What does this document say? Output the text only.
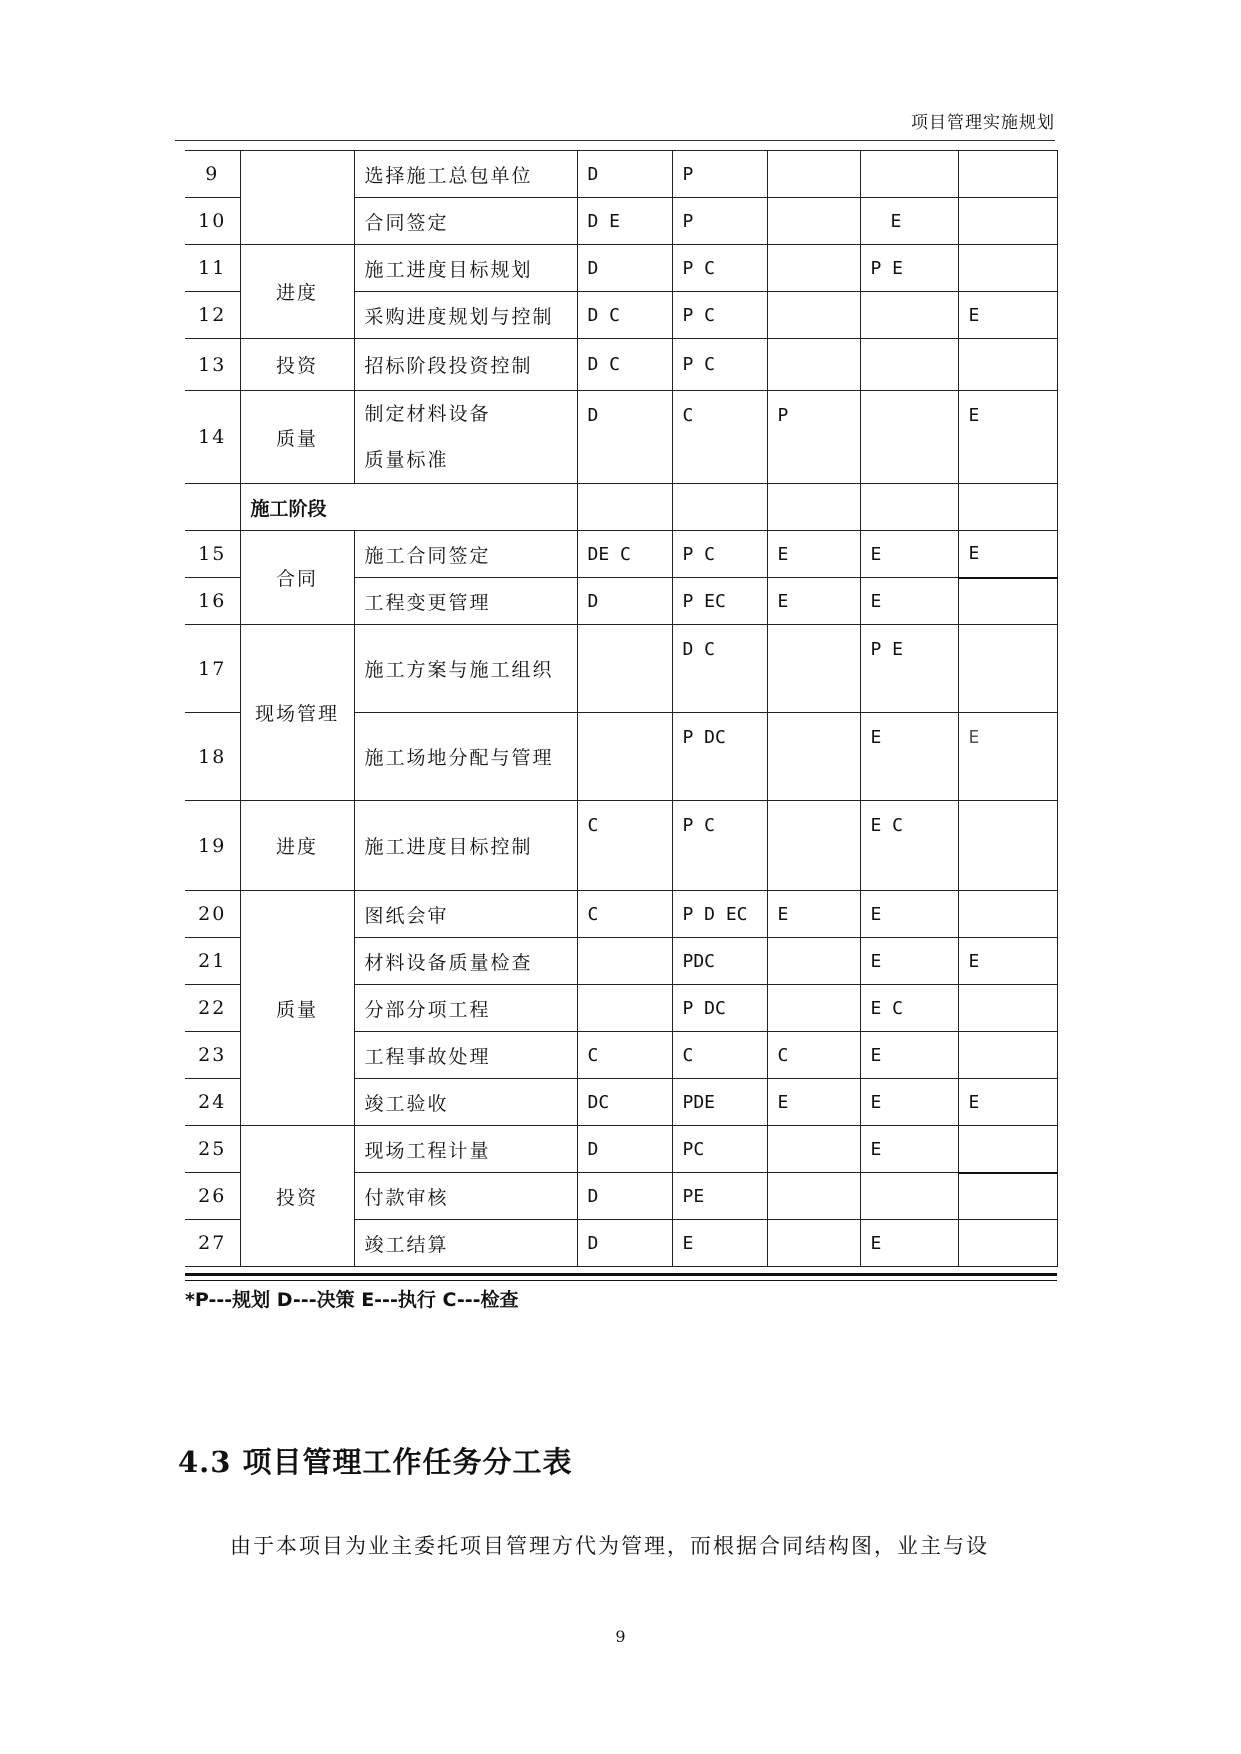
项目管理实施规划
9		选择施工总包单位	D	P			
10		合同签定	D E	P		E	
11	进度	施工进度目标规划	D	P C		P E	
12		采购进度规划与控制	D C	P C			E
13	投资	招标阶段投资控制	D C	P C			
14	质量	制定材料设备
质量标准	D	C	P		E
	施工阶段						
15	合同	施工合同签定	DE C	P C	E	E	E
16		工程变更管理	D	P EC	E	E	
17	现场管理	施工方案与施工组织		D C		P E	
18		施工场地分配与管理		P DC		E	E
19	进度	施工进度目标控制	C	P C		E C	
20	质量	图纸会审	C	P D EC	E	E	
21		材料设备质量检查		PDC		E	E
22		分部分项工程		P DC		E C	
23		工程事故处理	C	C	C	E	
24		竣工验收	DC	PDE	E	E	E
25	投资	现场工程计量	D	PC		E	
26		付款审核	D	PE			
27		竣工结算	D	E		E	
*P---规划 D---决策 E---执行 C---检查
4.3 项目管理工作任务分工表
由于本项目为业主委托项目管理方代为管理，而根据合同结构图，业主与设
9
